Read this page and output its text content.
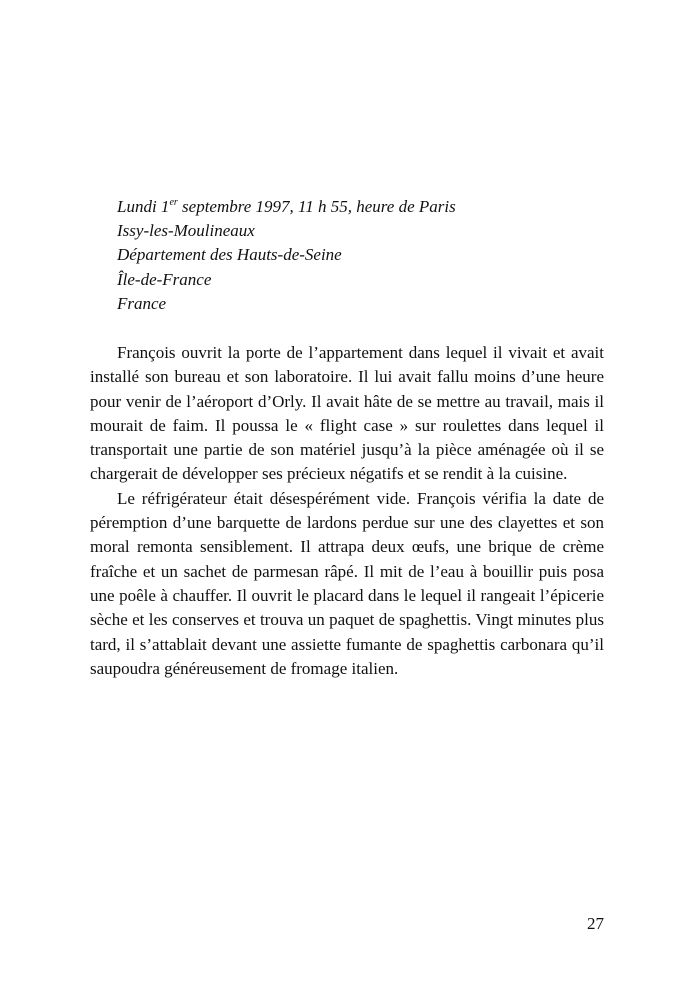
Lundi 1er septembre 1997, 11 h 55, heure de Paris
Issy-les-Moulineaux
Département des Hauts-de-Seine
Île-de-France
France

François ouvrit la porte de l’appartement dans lequel il vivait et avait installé son bureau et son laboratoire. Il lui avait fallu moins d’une heure pour venir de l’aéroport d’Orly. Il avait hâte de se mettre au travail, mais il mourait de faim. Il poussa le « flight case » sur roulettes dans lequel il transportait une partie de son matériel jusqu’à la pièce aménagée où il se chargerait de développer ses précieux négatifs et se rendit à la cuisine.

Le réfrigérateur était désespérément vide. François vérifia la date de péremption d’une barquette de lardons perdue sur une des clayettes et son moral remonta sensiblement. Il attrapa deux œufs, une brique de crème fraîche et un sachet de parmesan râpé. Il mit de l’eau à bouillir puis posa une poêle à chauffer. Il ouvrit le placard dans le lequel il rangeait l’épicerie sèche et les conserves et trouva un paquet de spaghettis. Vingt minutes plus tard, il s’attablait devant une assiette fumante de spaghettis carbonara qu’il saupoudra généreusement de fromage italien.

27
